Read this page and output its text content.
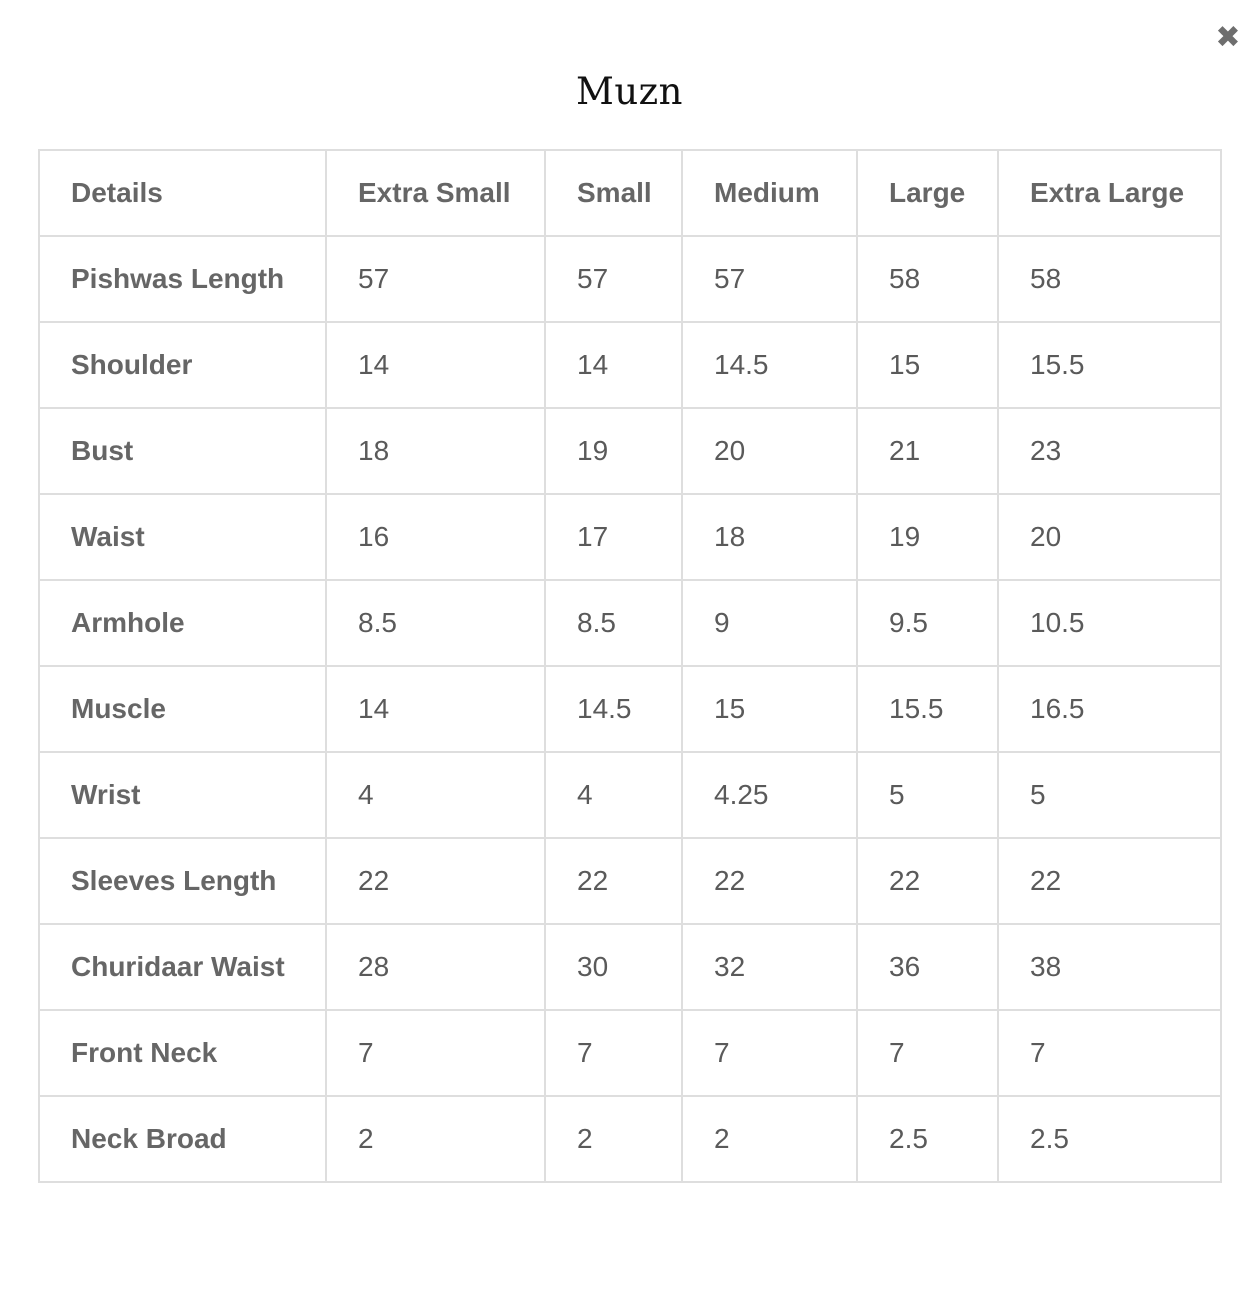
✖
Muzn
Details	Extra Small	Small	Medium	Large	Extra Large
Pishwas Length	57	57	57	58	58
Shoulder	14	14	14.5	15	15.5
Bust	18	19	20	21	23
Waist	16	17	18	19	20
Armhole	8.5	8.5	9	9.5	10.5
Muscle	14	14.5	15	15.5	16.5
Wrist	4	4	4.25	5	5
Sleeves Length	22	22	22	22	22
Churidaar Waist	28	30	32	36	38
Front Neck	7	7	7	7	7
Neck Broad	2	2	2	2.5	2.5
